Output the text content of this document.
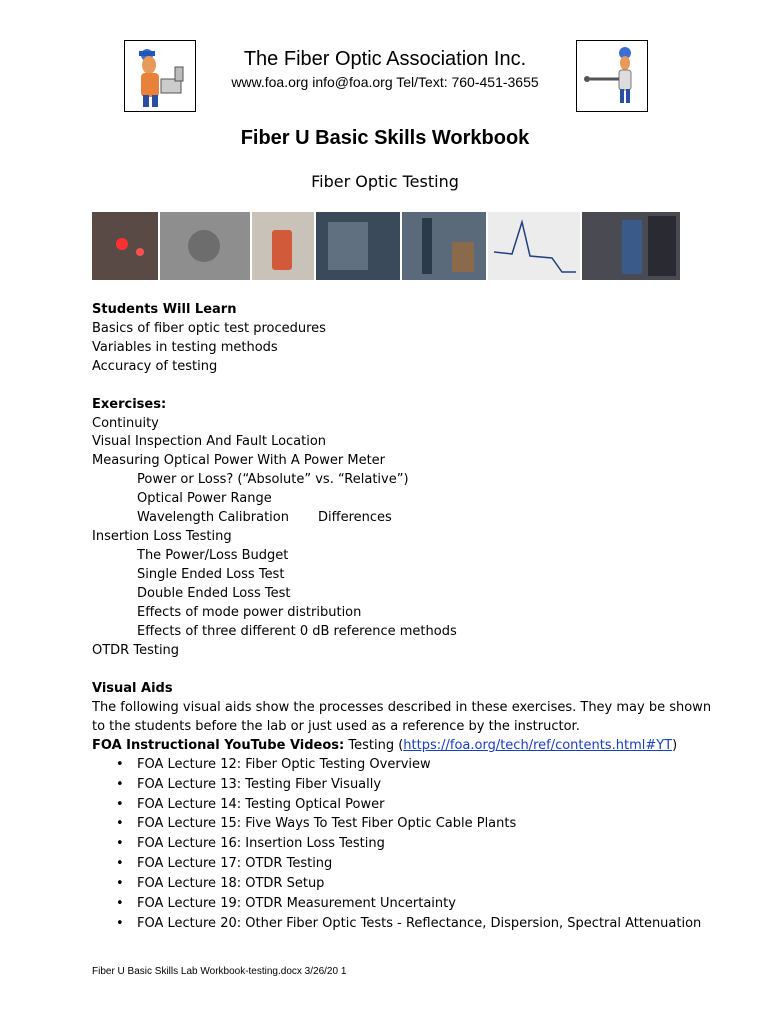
The Fiber Optic Association Inc.
www.foa.org info@foa.org Tel/Text: 760-451-3655
Fiber U Basic Skills Workbook
Fiber Optic Testing
Students Will Learn
Basics of fiber optic test procedures
Variables in testing methods
Accuracy of testing
Exercises:
Continuity
Visual Inspection And Fault Location
Measuring Optical Power With A Power Meter
Power or Loss? (“Absolute” vs. “Relative”)
Optical Power Range
Wavelength Calibration Differences
Insertion Loss Testing
The Power/Loss Budget
Single Ended Loss Test
Double Ended Loss Test
Effects of mode power distribution
Effects of three different 0 dB reference methods
OTDR Testing
Visual Aids
The following visual aids show the processes described in these exercises. They may be shown
to the students before the lab or just used as a reference by the instructor.
FOA Instructional YouTube Videos: Testing (https://foa.org/tech/ref/contents.html#YT)
• FOA Lecture 12: Fiber Optic Testing Overview
• FOA Lecture 13: Testing Fiber Visually
• FOA Lecture 14: Testing Optical Power
• FOA Lecture 15: Five Ways To Test Fiber Optic Cable Plants
• FOA Lecture 16: Insertion Loss Testing
• FOA Lecture 17: OTDR Testing
• FOA Lecture 18: OTDR Setup
• FOA Lecture 19: OTDR Measurement Uncertainty
• FOA Lecture 20: Other Fiber Optic Tests - Reflectance, Dispersion, Spectral Attenuation
Fiber U Basic Skills Lab Workbook-testing.docx 3/26/20 1
